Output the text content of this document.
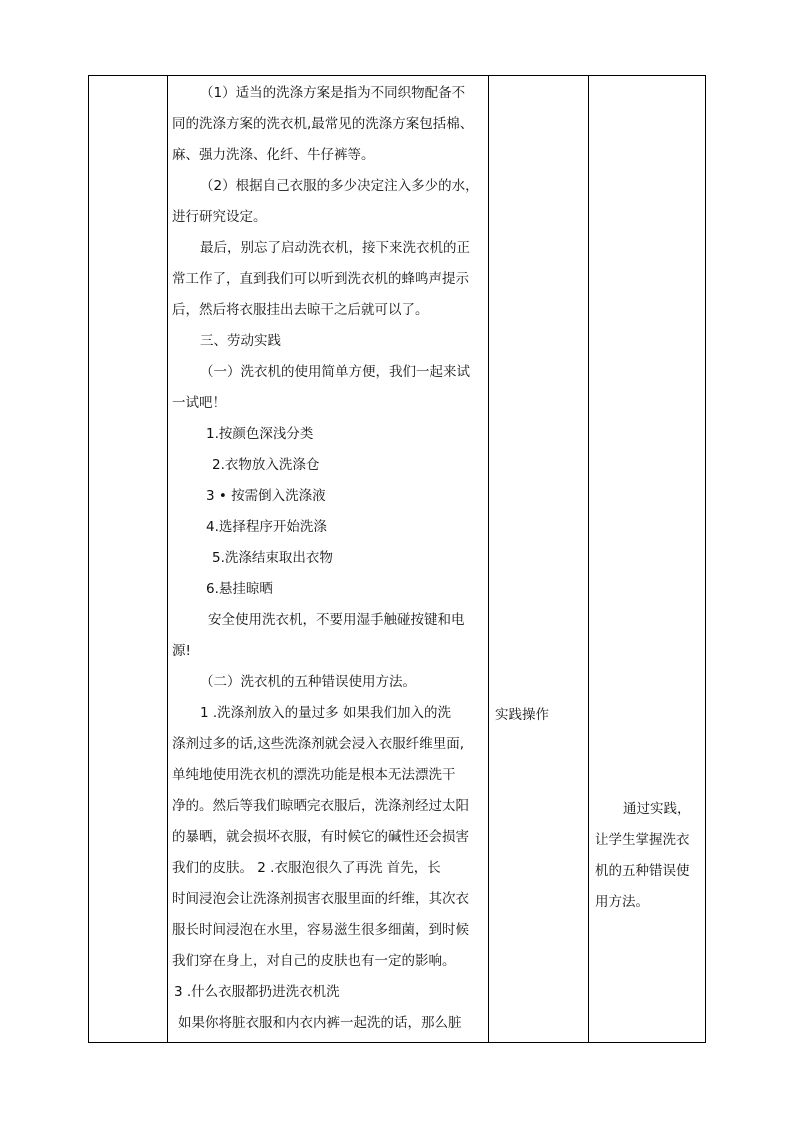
（1）适当的洗涤方案是指为不同织物配备不
同的洗涤方案的洗衣机,最常见的洗涤方案包括棉、
麻、强力洗涤、化纤、牛仔裤等。
（2）根据自己衣服的多少决定注入多少的水，
进行研究设定。
最后，别忘了启动洗衣机，接下来洗衣机的正
常工作了，直到我们可以听到洗衣机的蜂鸣声提示
后，然后将衣服挂出去晾干之后就可以了。
三、劳动实践
（一）洗衣机的使用简单方便，我们一起来试
一试吧！
1.按颜色深浅分类
2.衣物放入洗涤仓
3 • 按需倒入洗涤液
4.选择程序开始洗涤
5.洗涤结束取出衣物
6.悬挂晾晒
安全使用洗衣机，不要用湿手触碰按键和电
源!
（二）洗衣机的五种错误使用方法。
1 .洗涤剂放入的量过多 如果我们加入的洗
涤剂过多的话,这些洗涤剂就会浸入衣服纤维里面,
单纯地使用洗衣机的漂洗功能是根本无法漂洗干
净的。然后等我们晾晒完衣服后，洗涤剂经过太阳
的暴晒，就会损坏衣服，有时候它的碱性还会损害
我们的皮肤。 2 .衣服泡很久了再洗 首先，长
时间浸泡会让洗涤剂损害衣服里面的纤维，其次衣
服长时间浸泡在水里，容易滋生很多细菌，到时候
我们穿在身上，对自己的皮肤也有一定的影响。
3 .什么衣服都扔进洗衣机洗
如果你将脏衣服和内衣内裤一起洗的话，那么脏
实践操作
通过实践，
让学生掌握洗衣
机的五种错误使
用方法。
